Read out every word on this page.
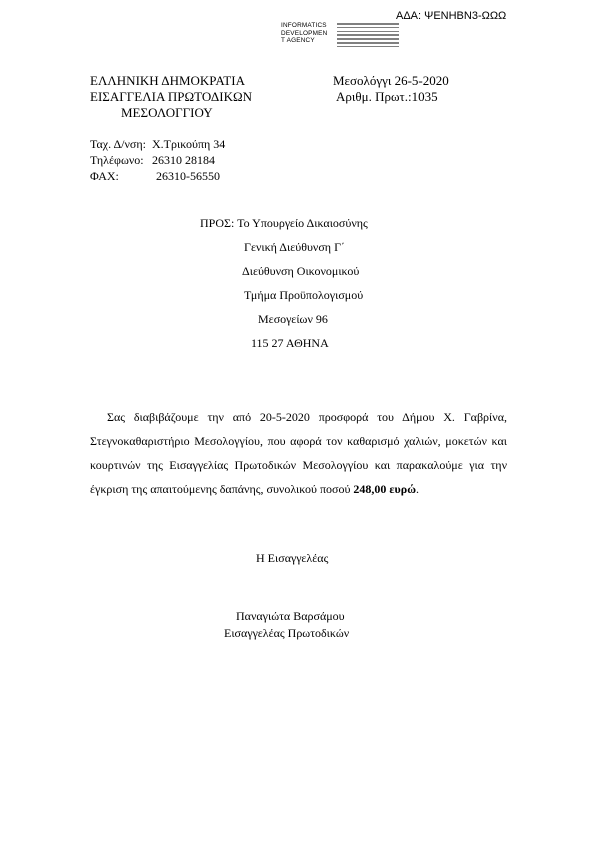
ΑΔΑ: ΨΕΝΗΒΝ3-ΩΩΩ
INFORMATICS
DEVELOPMEN
T AGENCY
ΕΛΛΗΝΙΚΗ ΔΗΜΟΚΡΑΤΙΑ
ΕΙΣΑΓΓΕΛΙΑ ΠΡΩΤΟΔΙΚΩΝ
ΜΕΣΟΛΟΓΓΙΟΥ
Μεσολόγγι 26-5-2020
Αριθμ. Πρωτ.:1035
Ταχ. Δ/νση: Χ.Τρικούπη 34
Τηλέφωνο: 26310 28184
ΦΑΧ:	26310-56550
ΠΡΟΣ: Το Υπουργείο Δικαιοσύνης
Γενική Διεύθυνση Γ΄
Διεύθυνση Οικονομικού
Τμήμα Προϋπολογισμού
Μεσογείων 96
115 27 ΑΘΗΝΑ
Σας διαβιβάζουμε την από 20-5-2020 προσφορά του Δήμου Χ. Γαβρίνα, Στεγνοκαθαριστήριο Μεσολογγίου, που αφορά τον καθαρισμό χαλιών, μοκετών και κουρτινών της Εισαγγελίας Πρωτοδικών Μεσολογγίου και παρακαλούμε για την έγκριση της απαιτούμενης δαπάνης, συνολικού ποσού 248,00 ευρώ.
Η Εισαγγελέας
Παναγιώτα Βαρσάμου
Εισαγγελέας Πρωτοδικών
